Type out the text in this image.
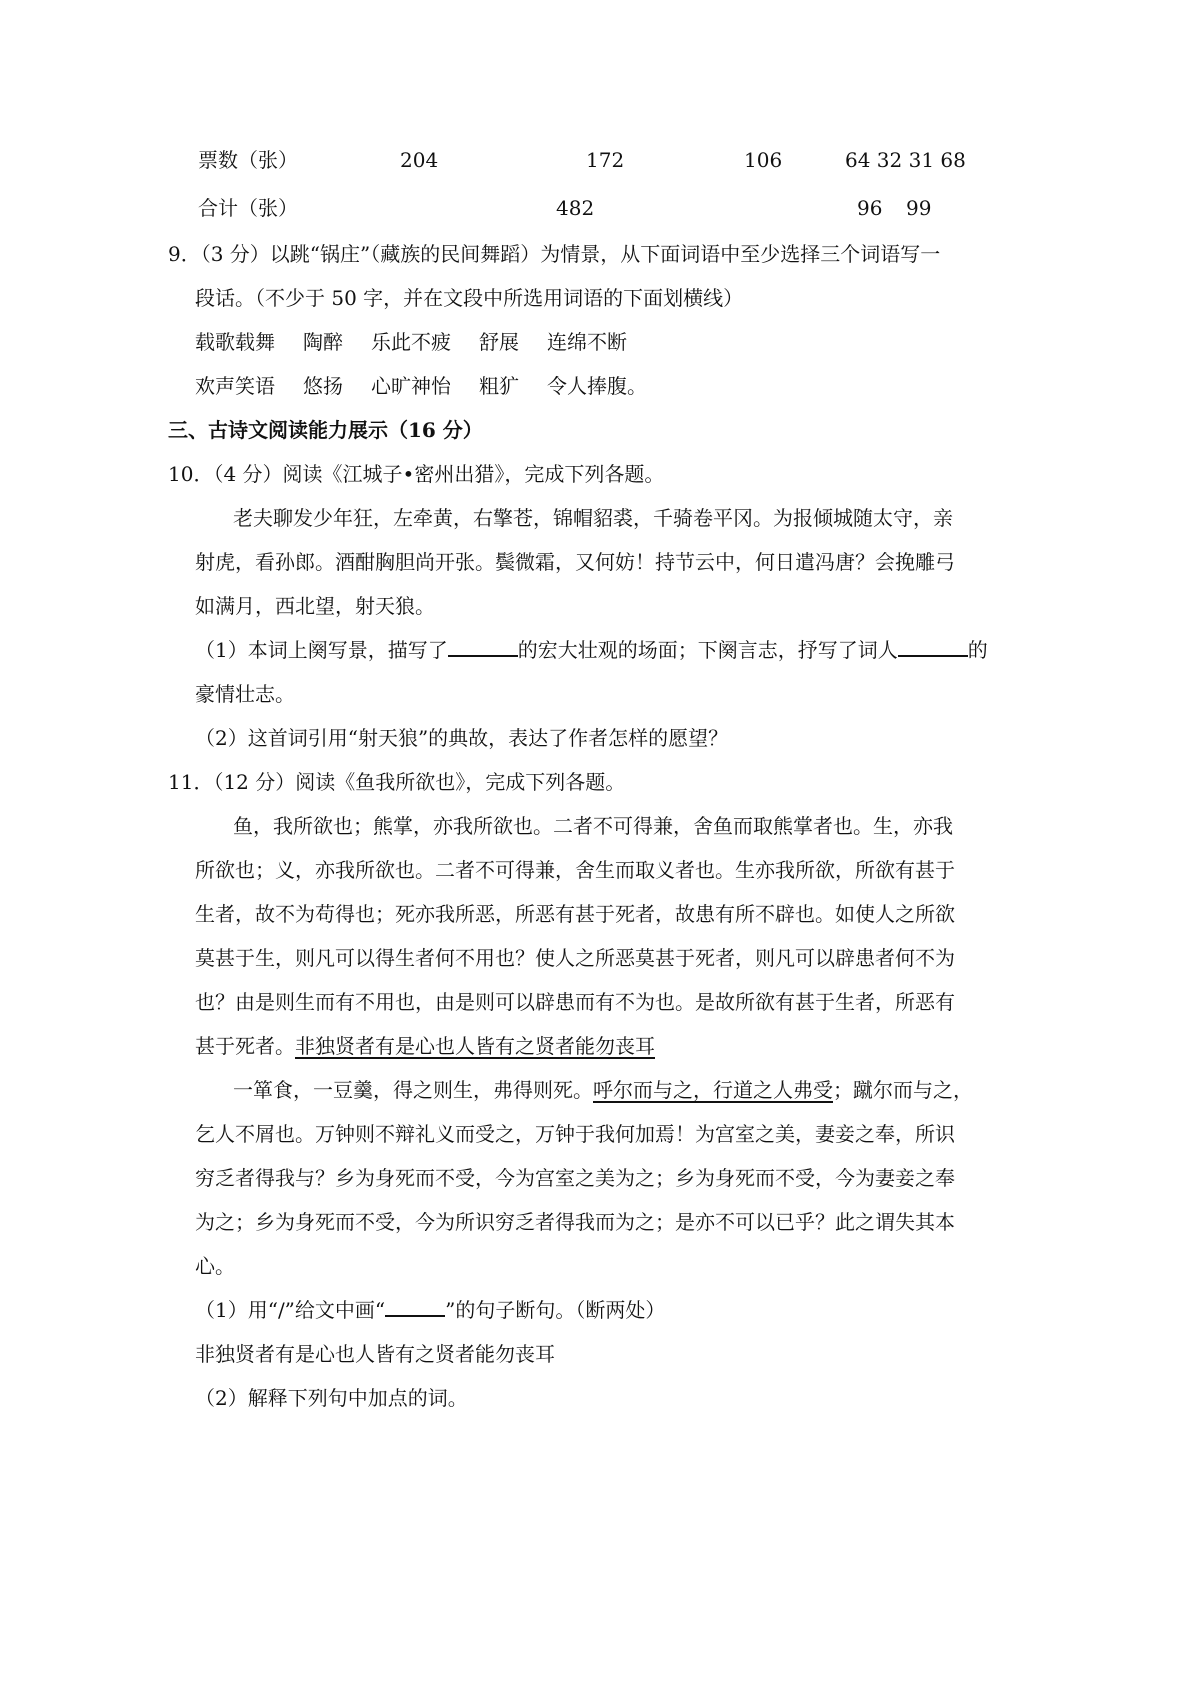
票数（张）	204	172	106	64 32 31 68
合计（张）	482	96 99
9．（3 分）以跳“锅庄”（藏族的民间舞蹈）为情景，从下面词语中至少选择三个词语写一
段话。（不少于 50 字，并在文段中所选用词语的下面划横线）
载歌载舞 陶醉 乐此不疲 舒展 连绵不断
欢声笑语 悠扬 心旷神怡 粗犷 令人捧腹。
三、古诗文阅读能力展示（16 分）
10．（4 分）阅读《江城子•密州出猎》，完成下列各题。
老夫聊发少年狂，左牵黄，右擎苍，锦帽貂裘，千骑卷平冈。为报倾城随太守，亲
射虎，看孙郎。酒酣胸胆尚开张。鬓微霜，又何妨！持节云中，何日遣冯唐？会挽雕弓
如满月，西北望，射天狼。
（1）本词上阕写景，描写了	的宏大壮观的场面；下阕言志，抒写了词人	的
豪情壮志。
（2）这首词引用“射天狼”的典故，表达了作者怎样的愿望？
11．（12 分）阅读《鱼我所欲也》，完成下列各题。
鱼，我所欲也；熊掌，亦我所欲也。二者不可得兼，舍鱼而取熊掌者也。生，亦我
所欲也；义，亦我所欲也。二者不可得兼，舍生而取义者也。生亦我所欲，所欲有甚于
生者，故不为苟得也；死亦我所恶，所恶有甚于死者，故患有所不辟也。如使人之所欲
莫甚于生，则凡可以得生者何不用也？使人之所恶莫甚于死者，则凡可以辟患者何不为
也？由是则生而有不用也，由是则可以辟患而有不为也。是故所欲有甚于生者，所恶有
甚于死者。非独贤者有是心也人皆有之贤者能勿丧耳
一箪食，一豆羹，得之则生，弗得则死。呼尔而与之，行道之人弗受；蹴尔而与之，
乞人不屑也。万钟则不辩礼义而受之，万钟于我何加焉！为宫室之美，妻妾之奉，所识
穷乏者得我与？乡为身死而不受，今为宫室之美为之；乡为身死而不受，今为妻妾之奉
为之；乡为身死而不受，今为所识穷乏者得我而为之；是亦不可以已乎？此之谓失其本
心。
（1）用“/”给文中画“	”的句子断句。（断两处）
非独贤者有是心也人皆有之贤者能勿丧耳
（2）解释下列句中加点的词。
